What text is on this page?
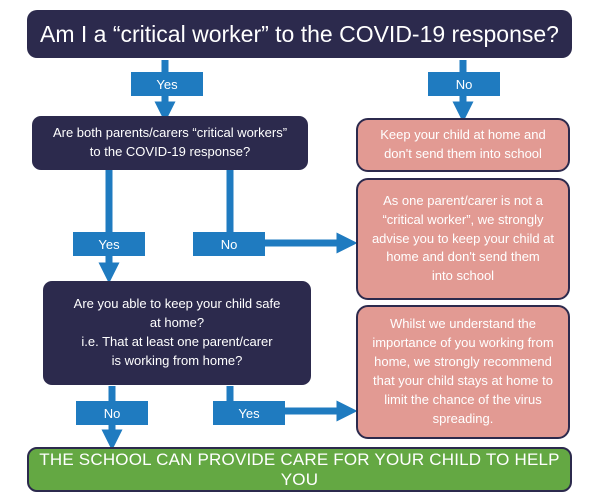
Am I a “critical worker” to the COVID-19 response?
Yes	No
Are both parents/carers “critical workers”
to the COVID-19 response?
Keep your child at home and
don't send them into school
Yes	No
As one parent/carer is not a
“critical worker”, we strongly
advise you to keep your child at
home and don't send them
into school
Are you able to keep your child safe
at home?
i.e. That at least one parent/carer
is working from home?
Whilst we understand the
importance of you working from
home, we strongly recommend
that your child stays at home to
limit the chance of the virus
spreading.
No	Yes
THE SCHOOL CAN PROVIDE CARE FOR YOUR CHILD TO HELP YOU
